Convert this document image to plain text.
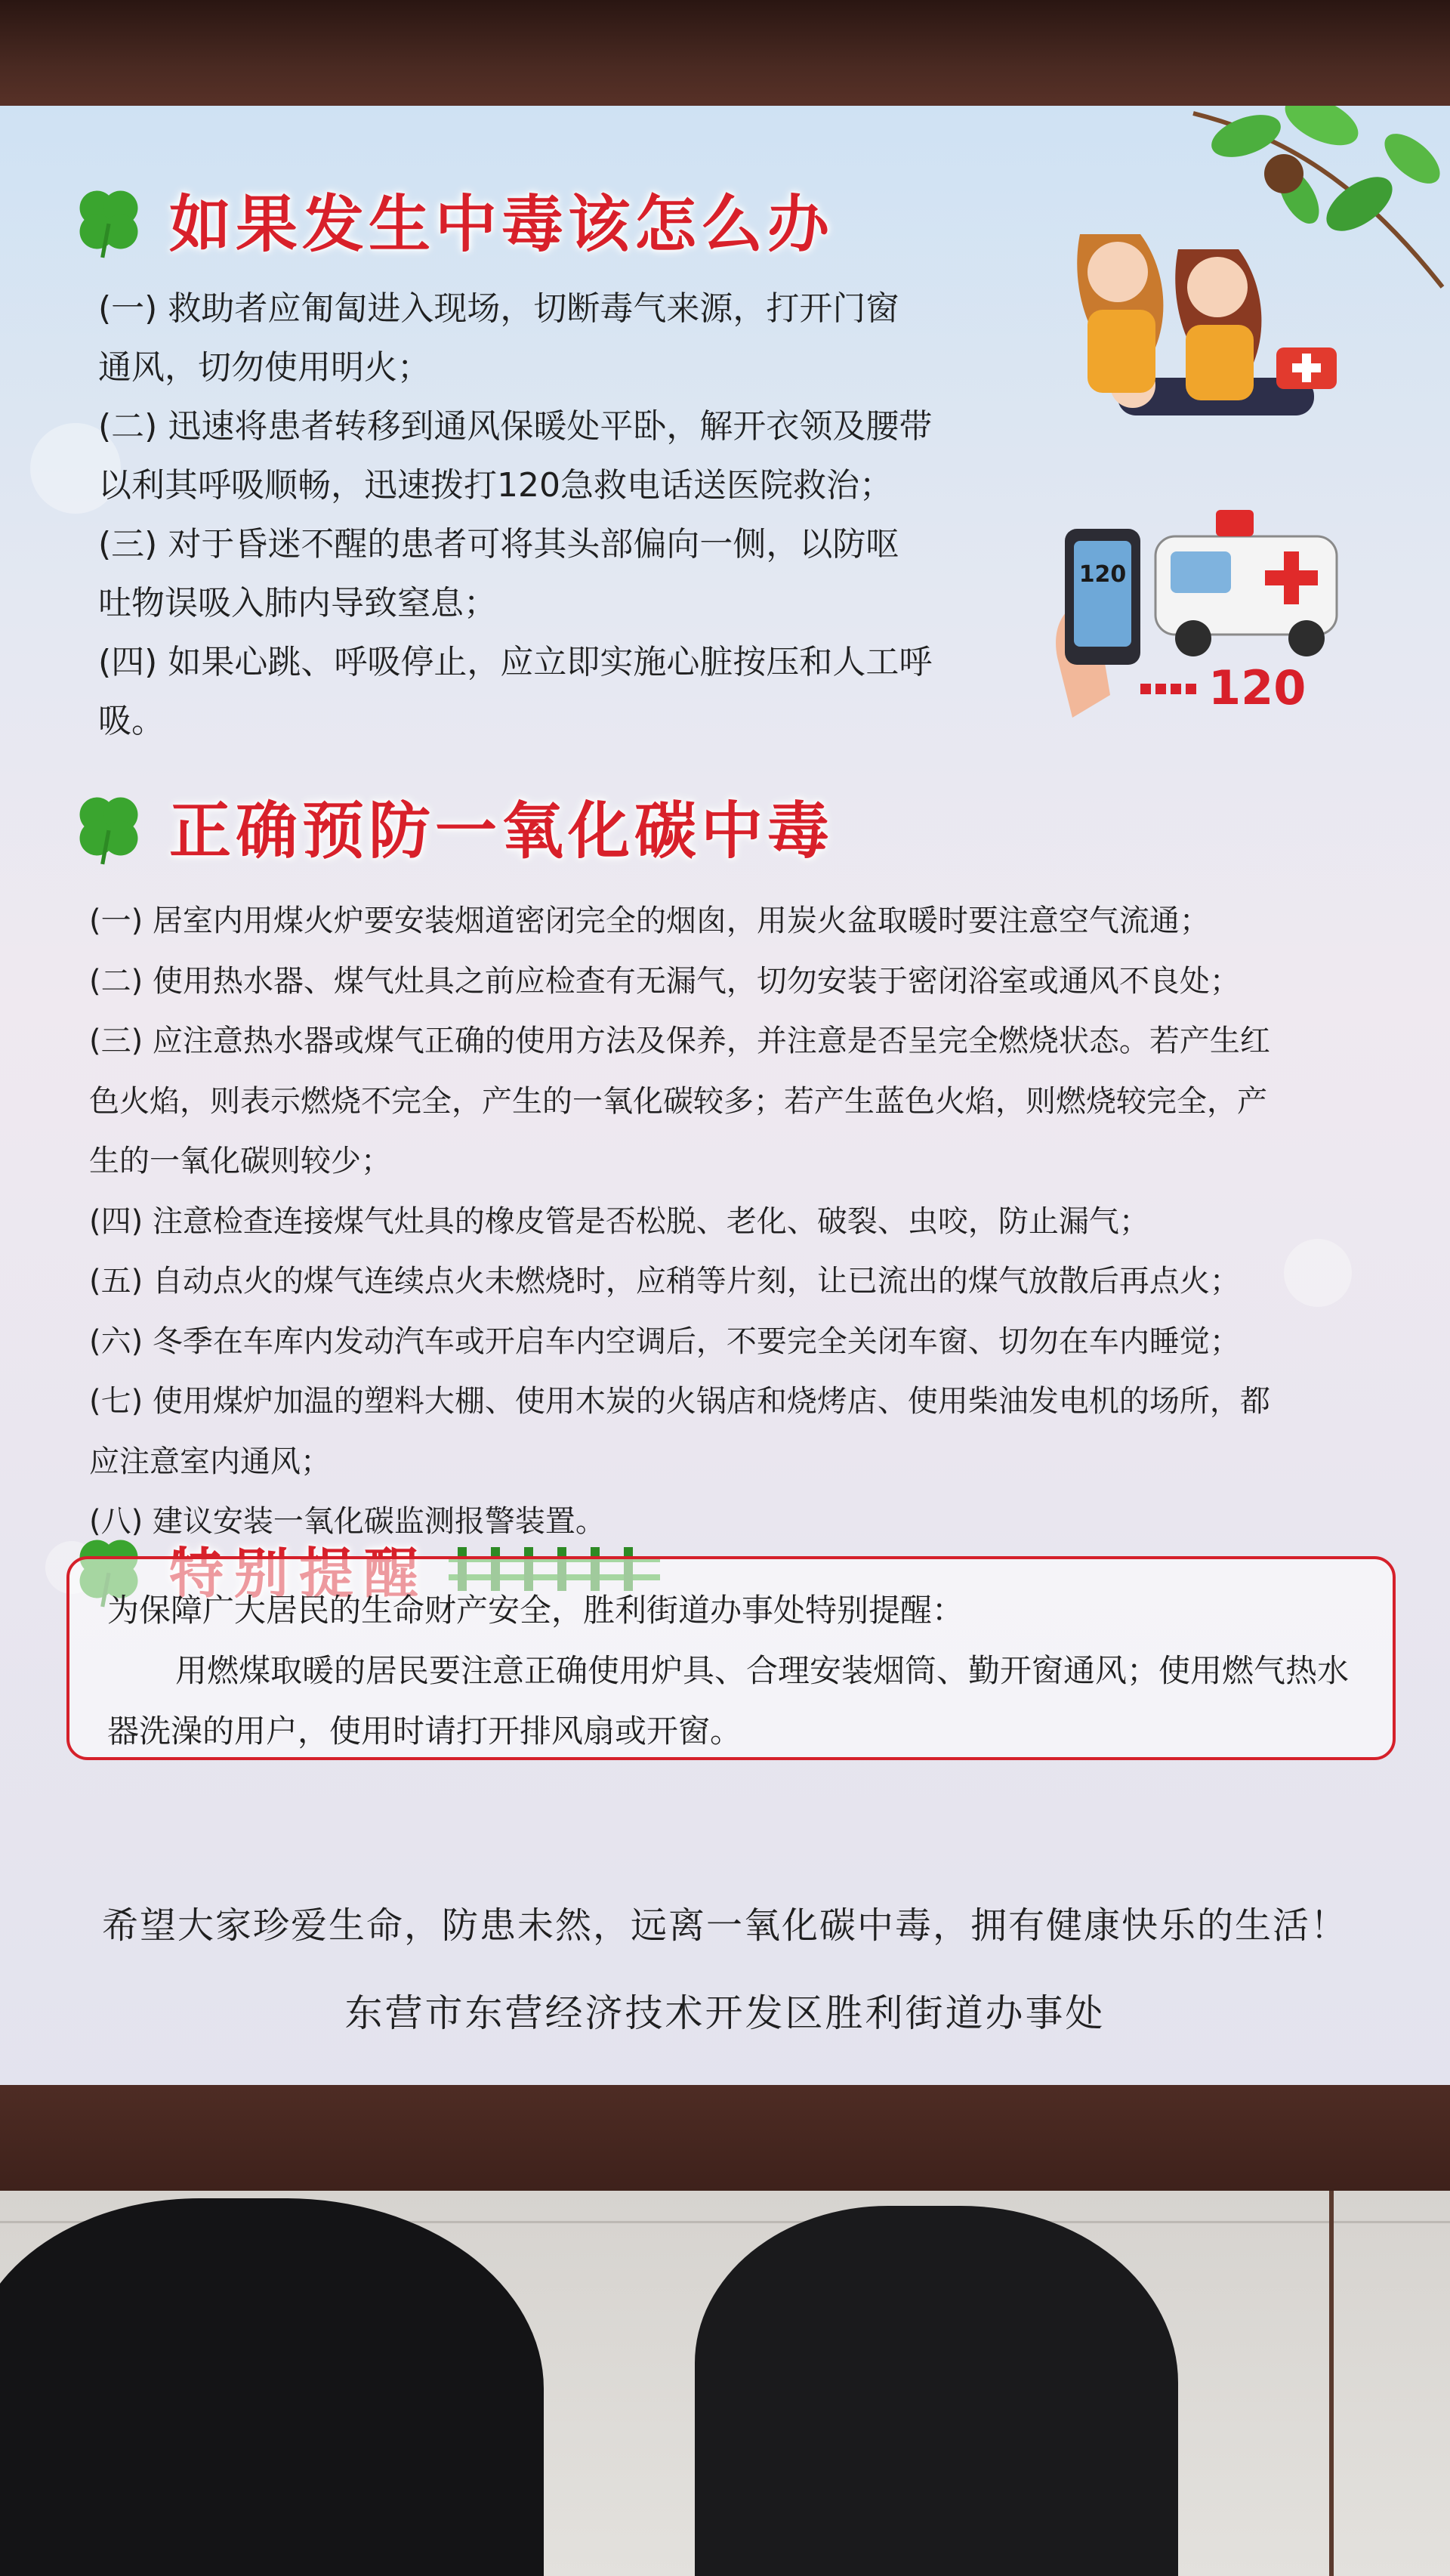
如果发生中毒该怎么办
(一) 救助者应匍匐进入现场，切断毒气来源，打开门窗
通风，切勿使用明火；
(二) 迅速将患者转移到通风保暖处平卧，解开衣领及腰带
以利其呼吸顺畅，迅速拨打120急救电话送医院救治；
(三) 对于昏迷不醒的患者可将其头部偏向一侧，以防呕
吐物误吸入肺内导致窒息；
(四) 如果心跳、呼吸停止，应立即实施心脏按压和人工呼
吸。
120
120
正确预防一氧化碳中毒
(一) 居室内用煤火炉要安装烟道密闭完全的烟囱，用炭火盆取暖时要注意空气流通；
(二) 使用热水器、煤气灶具之前应检查有无漏气，切勿安装于密闭浴室或通风不良处；
(三) 应注意热水器或煤气正确的使用方法及保养，并注意是否呈完全燃烧状态。若产生红
色火焰，则表示燃烧不完全，产生的一氧化碳较多；若产生蓝色火焰，则燃烧较完全，产
生的一氧化碳则较少；
(四) 注意检查连接煤气灶具的橡皮管是否松脱、老化、破裂、虫咬，防止漏气；
(五) 自动点火的煤气连续点火未燃烧时，应稍等片刻，让已流出的煤气放散后再点火；
(六) 冬季在车库内发动汽车或开启车内空调后，不要完全关闭车窗、切勿在车内睡觉；
(七) 使用煤炉加温的塑料大棚、使用木炭的火锅店和烧烤店、使用柴油发电机的场所，都
应注意室内通风；
(八) 建议安装一氧化碳监测报警装置。
为保障广大居民的生命财产安全，胜利街道办事处特别提醒：
用燃煤取暖的居民要注意正确使用炉具、合理安装烟筒、勤开窗通风；使用燃气热水器洗澡的用户，使用时请打开排风扇或开窗。
希望大家珍爱生命，防患未然，远离一氧化碳中毒，拥有健康快乐的生活！
东营市东营经济技术开发区胜利街道办事处
